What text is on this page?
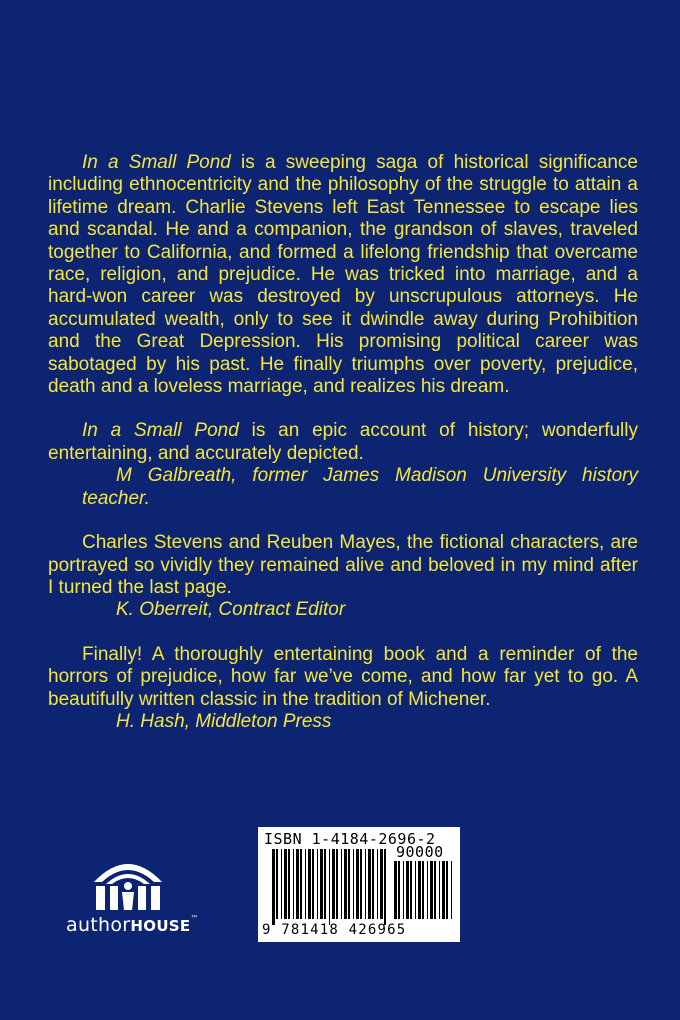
In a Small Pond is a sweeping saga of historical significance including ethnocentricity and the philosophy of the struggle to attain a lifetime dream. Charlie Stevens left East Tennessee to escape lies and scandal. He and a companion, the grandson of slaves, traveled together to California, and formed a lifelong friendship that overcame race, religion, and prejudice. He was tricked into marriage, and a hard-won career was destroyed by unscrupulous attorneys. He accumulated wealth, only to see it dwindle away during Prohibition and the Great Depression. His promising political career was sabotaged by his past. He finally triumphs over poverty, prejudice, death and a loveless marriage, and realizes his dream.

In a Small Pond is an epic account of history; wonderfully entertaining, and accurately depicted.

M Galbreath, former James Madison University history teacher.

Charles Stevens and Reuben Mayes, the fictional characters, are portrayed so vividly they remained alive and beloved in my mind after I turned the last page.

K. Oberreit, Contract Editor

Finally! A thoroughly entertaining book and a reminder of the horrors of prejudice, how far we’ve come, and how far yet to go. A beautifully written classic in the tradition of Michener.

H. Hash, Middleton Press

authorHOUSE™
ISBN 1-4184-2696-2
90000
9 781418 426965
